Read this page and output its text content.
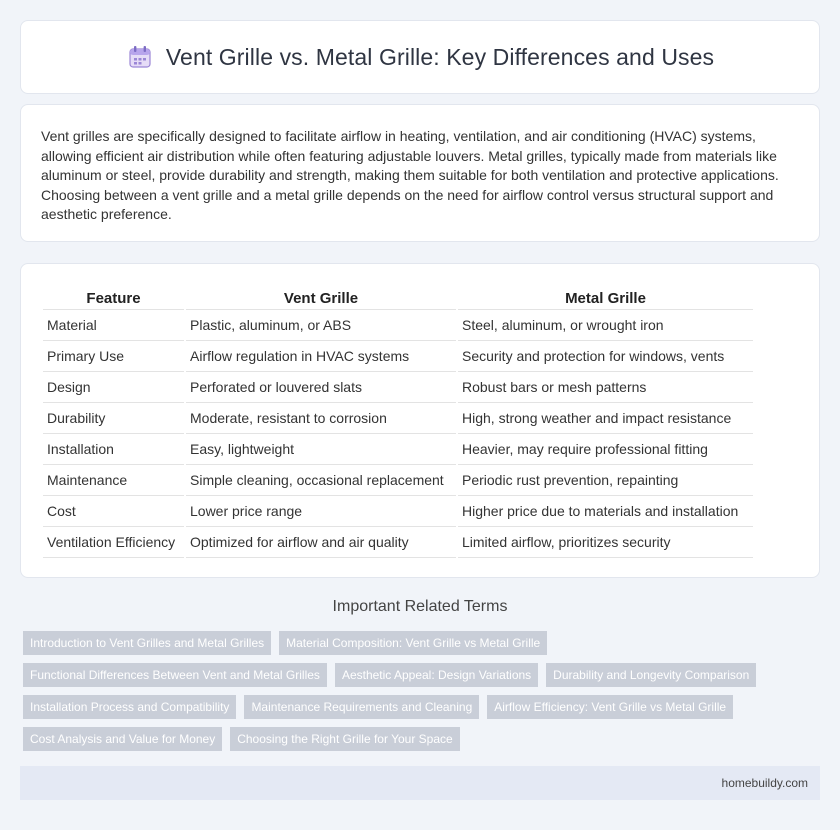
Vent Grille vs. Metal Grille: Key Differences and Uses

Vent grilles are specifically designed to facilitate airflow in heating, ventilation, and air conditioning (HVAC) systems, allowing efficient air distribution while often featuring adjustable louvers. Metal grilles, typically made from materials like aluminum or steel, provide durability and strength, making them suitable for both ventilation and protective applications. Choosing between a vent grille and a metal grille depends on the need for airflow control versus structural support and aesthetic preference.

Feature	Vent Grille	Metal Grille
Material	Plastic, aluminum, or ABS	Steel, aluminum, or wrought iron
Primary Use	Airflow regulation in HVAC systems	Security and protection for windows, vents
Design	Perforated or louvered slats	Robust bars or mesh patterns
Durability	Moderate, resistant to corrosion	High, strong weather and impact resistance
Installation	Easy, lightweight	Heavier, may require professional fitting
Maintenance	Simple cleaning, occasional replacement	Periodic rust prevention, repainting
Cost	Lower price range	Higher price due to materials and installation
Ventilation Efficiency	Optimized for airflow and air quality	Limited airflow, prioritizes security
Important Related Terms
Introduction to Vent Grilles and Metal Grilles	Material Composition: Vent Grille vs Metal Grille
Functional Differences Between Vent and Metal Grilles	Aesthetic Appeal: Design Variations	Durability and Longevity Comparison
Installation Process and Compatibility	Maintenance Requirements and Cleaning	Airflow Efficiency: Vent Grille vs Metal Grille
Cost Analysis and Value for Money	Choosing the Right Grille for Your Space
homebuildy.com
